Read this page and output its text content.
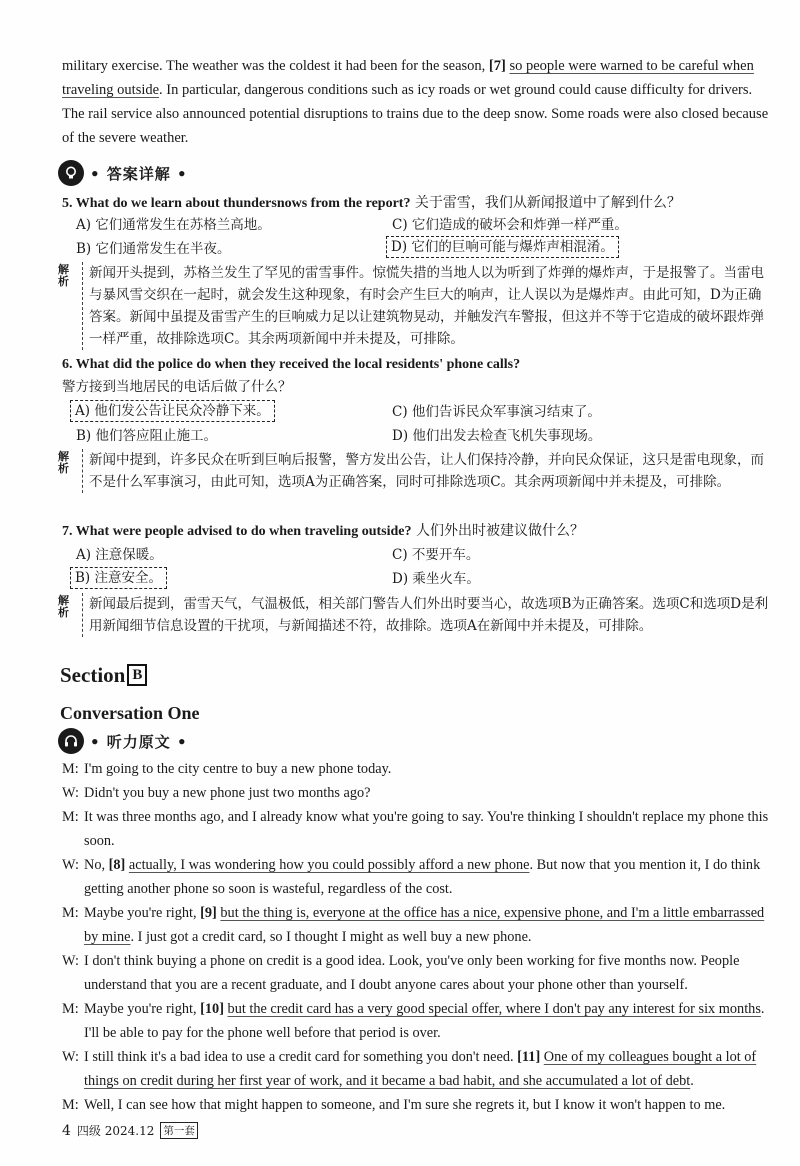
military exercise. The weather was the coldest it had been for the season, [7] so people were warned to be careful when traveling outside. In particular, dangerous conditions such as icy roads or wet ground could cause difficulty for drivers. The rail service also announced potential disruptions to trains due to the deep snow. Some roads were also closed because of the severe weather.
• 答案详解 •
5. What do we learn about thundersnows from the report? 关于雷雪，我们从新闻报道中了解到什么？
A) 它们通常发生在苏格兰高地。	C) 它们造成的破坏会和炸弹一样严重。
B) 它们通常发生在半夜。	D) 它们的巨响可能与爆炸声相混淆。
解析
新闻开头提到，苏格兰发生了罕见的雷雪事件。惊慌失措的当地人以为听到了炸弹的爆炸声，于是报警了。当雷电与暴风雪交织在一起时，就会发生这种现象，有时会产生巨大的响声，让人误以为是爆炸声。由此可知，D为正确答案。新闻中虽提及雷雪产生的巨响威力足以让建筑物晃动，并触发汽车警报，但这并不等于它造成的破坏跟炸弹一样严重，故排除选项C。其余两项新闻中并未提及，可排除。
6. What did the police do when they received the local residents' phone calls?
警方接到当地居民的电话后做了什么？
A) 他们发公告让民众冷静下来。	C) 他们告诉民众军事演习结束了。
B) 他们答应阻止施工。	D) 他们出发去检查飞机失事现场。
解析
新闻中提到，许多民众在听到巨响后报警，警方发出公告，让人们保持冷静，并向民众保证，这只是雷电现象，而不是什么军事演习，由此可知，选项A为正确答案，同时可排除选项C。其余两项新闻中并未提及，可排除。
7. What were people advised to do when traveling outside? 人们外出时被建议做什么？
A) 注意保暖。	C) 不要开车。
B) 注意安全。	D) 乘坐火车。
解析
新闻最后提到，雷雪天气，气温极低，相关部门警告人们外出时要当心，故选项B为正确答案。选项C和选项D是利用新闻细节信息设置的干扰项，与新闻描述不符，故排除。选项A在新闻中并未提及，可排除。
Section B
Conversation One
• 听力原文 •
M: I'm going to the city centre to buy a new phone today.
W: Didn't you buy a new phone just two months ago?
M: It was three months ago, and I already know what you're going to say. You're thinking I shouldn't replace my phone this soon.
W: No, [8] actually, I was wondering how you could possibly afford a new phone. But now that you mention it, I do think getting another phone so soon is wasteful, regardless of the cost.
M: Maybe you're right, [9] but the thing is, everyone at the office has a nice, expensive phone, and I'm a little embarrassed by mine. I just got a credit card, so I thought I might as well buy a new phone.
W: I don't think buying a phone on credit is a good idea. Look, you've only been working for five months now. People understand that you are a recent graduate, and I doubt anyone cares about your phone other than yourself.
M: Maybe you're right, [10] but the credit card has a very good special offer, where I don't pay any interest for six months. I'll be able to pay for the phone well before that period is over.
W: I still think it's a bad idea to use a credit card for something you don't need. [11] One of my colleagues bought a lot of things on credit during her first year of work, and it became a bad habit, and she accumulated a lot of debt.
M: Well, I can see how that might happen to someone, and I'm sure she regrets it, but I know it won't happen to me.
4 四级 2024.12 第一套
